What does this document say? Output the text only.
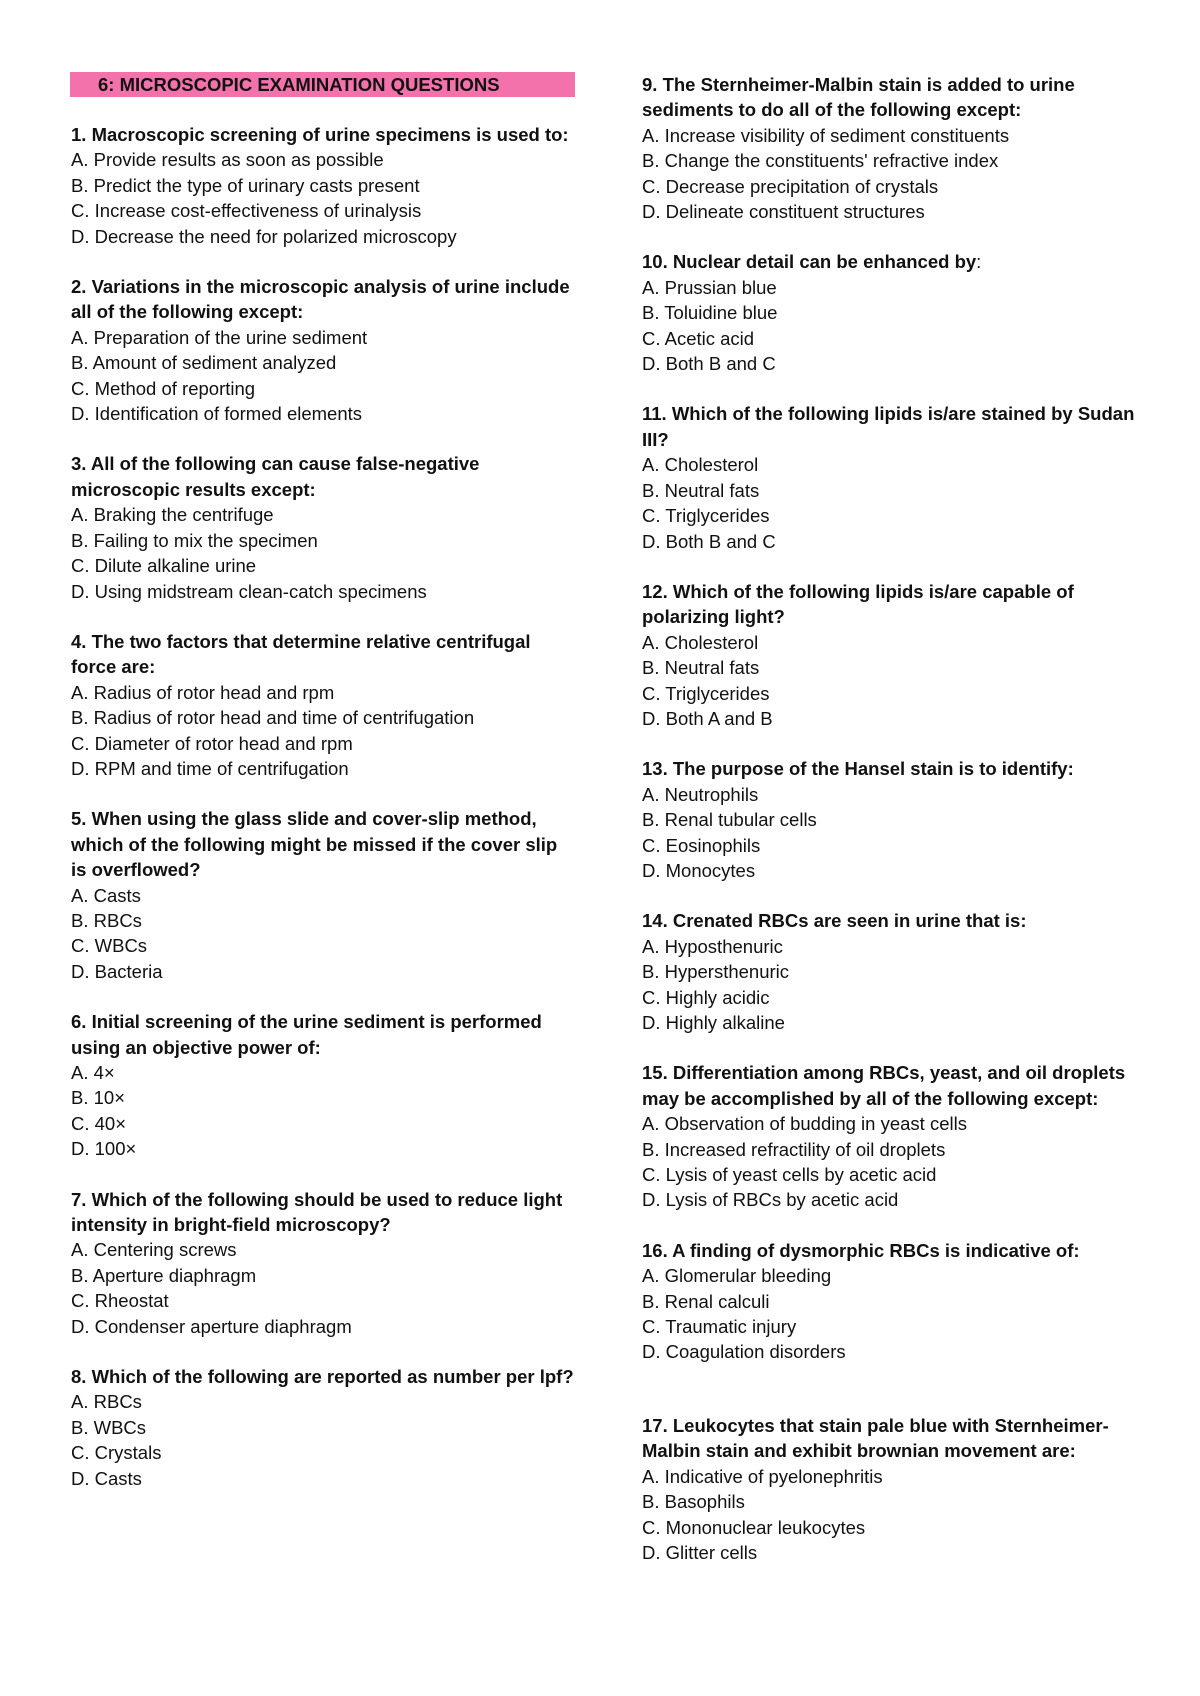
6: MICROSCOPIC EXAMINATION QUESTIONS
1. Macroscopic screening of urine specimens is used to:
A. Provide results as soon as possible
B. Predict the type of urinary casts present
C. Increase cost-effectiveness of urinalysis
D. Decrease the need for polarized microscopy
2. Variations in the microscopic analysis of urine include all of the following except:
A. Preparation of the urine sediment
B. Amount of sediment analyzed
C. Method of reporting
D. Identification of formed elements
3. All of the following can cause false-negative microscopic results except:
A. Braking the centrifuge
B. Failing to mix the specimen
C. Dilute alkaline urine
D. Using midstream clean-catch specimens
4. The two factors that determine relative centrifugal force are:
A. Radius of rotor head and rpm
B. Radius of rotor head and time of centrifugation
C. Diameter of rotor head and rpm
D. RPM and time of centrifugation
5. When using the glass slide and cover-slip method, which of the following might be missed if the cover slip is overflowed?
A. Casts
B. RBCs
C. WBCs
D. Bacteria
6. Initial screening of the urine sediment is performed using an objective power of:
A. 4×
B. 10×
C. 40×
D. 100×
7. Which of the following should be used to reduce light intensity in bright-field microscopy?
A. Centering screws
B. Aperture diaphragm
C. Rheostat
D. Condenser aperture diaphragm
8. Which of the following are reported as number per lpf?
A. RBCs
B. WBCs
C. Crystals
D. Casts
9. The Sternheimer-Malbin stain is added to urine sediments to do all of the following except:
A. Increase visibility of sediment constituents
B. Change the constituents' refractive index
C. Decrease precipitation of crystals
D. Delineate constituent structures
10. Nuclear detail can be enhanced by:
A. Prussian blue
B. Toluidine blue
C. Acetic acid
D. Both B and C
11. Which of the following lipids is/are stained by Sudan III?
A. Cholesterol
B. Neutral fats
C. Triglycerides
D. Both B and C
12. Which of the following lipids is/are capable of polarizing light?
A. Cholesterol
B. Neutral fats
C. Triglycerides
D. Both A and B
13. The purpose of the Hansel stain is to identify:
A. Neutrophils
B. Renal tubular cells
C. Eosinophils
D. Monocytes
14. Crenated RBCs are seen in urine that is:
A. Hyposthenuric
B. Hypersthenuric
C. Highly acidic
D. Highly alkaline
15. Differentiation among RBCs, yeast, and oil droplets may be accomplished by all of the following except:
A. Observation of budding in yeast cells
B. Increased refractility of oil droplets
C. Lysis of yeast cells by acetic acid
D. Lysis of RBCs by acetic acid
16. A finding of dysmorphic RBCs is indicative of:
A. Glomerular bleeding
B. Renal calculi
C. Traumatic injury
D. Coagulation disorders
17. Leukocytes that stain pale blue with Sternheimer-Malbin stain and exhibit brownian movement are:
A. Indicative of pyelonephritis
B. Basophils
C. Mononuclear leukocytes
D. Glitter cells
